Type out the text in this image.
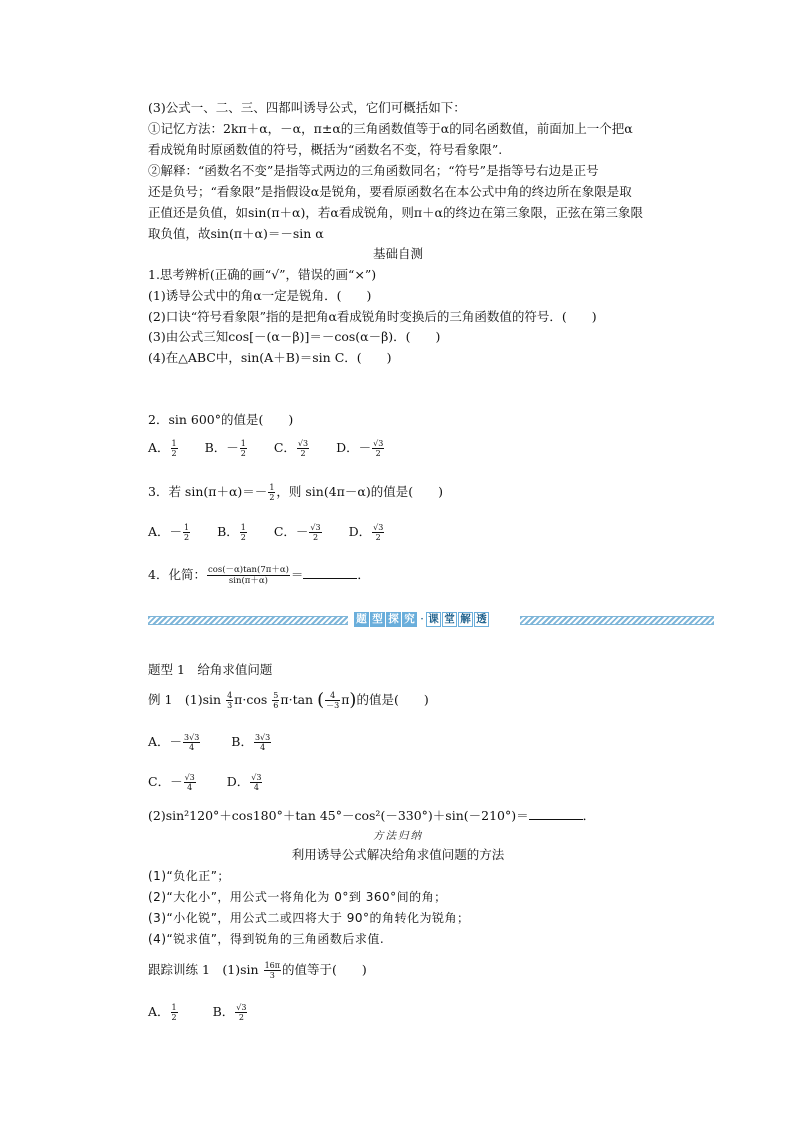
(3)公式一、二、三、四都叫诱导公式，它们可概括如下：
①记忆方法：2kπ＋α，－α，π±α的三角函数值等于α的同名函数值，前面加上一个把α
看成锐角时原函数值的符号，概括为“函数名不变，符号看象限”.
②解释：“函数名不变”是指等式两边的三角函数同名；“符号”是指等号右边是正号
还是负号；“看象限”是指假设α是锐角，要看原函数名在本公式中角的终边所在象限是取
正值还是负值，如sin(π＋α)，若α看成锐角，则π＋α的终边在第三象限，正弦在第三象限
取负值，故sin(π＋α)＝－sin α
基础自测
1.思考辨析(正确的画“√”，错误的画“×”)
(1)诱导公式中的角α一定是锐角．(　　)
(2)口诀“符号看象限”指的是把角α看成锐角时变换后的三角函数值的符号．(　　)
(3)由公式三知cos[－(α－β)]＝－cos(α－β)．(　　)
(4)在△ABC中，sin(A＋B)＝sin C．(　　)
2．sin 600°的值是(　　)
A． $\frac{1}{2}$ B．－ $\frac{1}{2}$ C． $\frac{√3}{2}$ D．－ $\frac{√3}{2}$
3．若 $\sin(\pi+\alpha)=- \frac{1}{2}$ ，则 sin(4π－α)的值是(　　)
A．－ $\frac{1}{2}$ B． $\frac{1}{2}$ C．－ $\frac{√3}{2}$ D． $\frac{√3}{2}$
4．化简： $\frac{\cos(-\alpha)\tan(7\pi+\alpha)}{\sin(\pi+\alpha)}$ ＝	．
题 型 探 究 · 课 堂 解 透
题型 1　给角求值问题
例 1　$(1)\sin \frac{4}{3} \pi\cdot\cos \frac{5}{6} \pi\cdot\tan$ ( $\frac{4}{-3} \pi$)的值是(　　)
A．－ $\frac{3√3}{4}$ B． $\frac{3√3}{4}$
C．－ $\frac{√3}{4}$ D． $\frac{√3}{4}$
(2)sin²120°＋cos180°＋tan 45°－cos²(－330°)＋sin(－210°)＝	．
方法归纳
利用诱导公式解决给角求值问题的方法
(1)“负化正”；
(2)“大化小”，用公式一将角化为 0°到 360°间的角；
(3)“小化锐”，用公式二或四将大于 90°的角转化为锐角；
(4)“锐求值”，得到锐角的三角函数后求值.
跟踪训练 1　$(1)\sin \frac{16\pi}{3}$ 的值等于(　　)
A． $\frac{1}{2}$	B． $\frac{√3}{2}$
